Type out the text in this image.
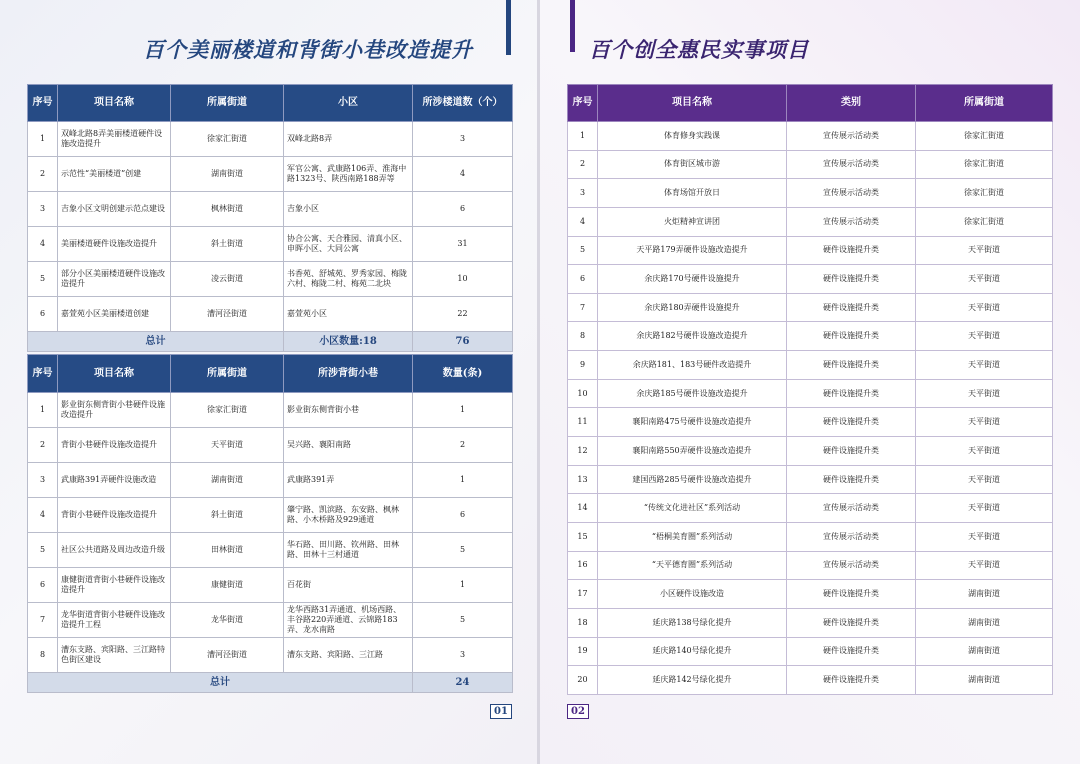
百个美丽楼道和背街小巷改造提升	百个创全惠民实事项目
序号	项目名称	所属街道	小区	所涉楼道数（个）
1	双峰北路8弄美丽楼道硬件设施改造提升	徐家汇街道	双峰北路8弄	3
2	示范性“美丽楼道”创建	湖南街道	军官公寓、武康路106弄、淮海中路1323号、陕西南路188弄等	4
3	吉象小区文明创建示范点建设	枫林街道	吉象小区	6
4	美丽楼道硬件设施改造提升	斜土街道	协合公寓、天合雅园、清真小区、申晖小区、大同公寓	31
5	部分小区美丽楼道硬件设施改造提升	凌云街道	书香苑、舒城苑、罗秀家园、梅陇六村、梅陇二村、梅苑二北块	10
6	嘉萱苑小区美丽楼道创建	漕河泾街道	嘉萱苑小区	22
总计			小区数量:18	76
序号	项目名称	所属街道	所涉背街小巷	数量(条)
1	影业街东侧背街小巷硬件设施改造提升	徐家汇街道	影业街东侧背街小巷	1
2	背街小巷硬件设施改造提升	天平街道	吴兴路、襄阳南路	2
3	武康路391弄硬件设施改造	湖南街道	武康路391弄	1
4	背街小巷硬件设施改造提升	斜土街道	肇宁路、凯滨路、东安路、枫林路、小木桥路及929通道	6
5	社区公共道路及周边改造升级	田林街道	华石路、田川路、钦州路、田林路、田林十三村通道	5
6	康健街道背街小巷硬件设施改造提升	康健街道	百花街	1
7	龙华街道背街小巷硬件设施改造提升工程	龙华街道	龙华西路31弄通道、机场西路、丰谷路220弄通道、云锦路183弄、龙水南路	5
8	漕东支路、宾阳路、三江路特色街区建设	漕河泾街道	漕东支路、宾阳路、三江路	3
总计				24
序号	项目名称	类别	所属街道
1	体育修身实践课	宣传展示活动类	徐家汇街道
2	体育街区城市游	宣传展示活动类	徐家汇街道
3	体育场馆开放日	宣传展示活动类	徐家汇街道
4	火炬精神宣讲团	宣传展示活动类	徐家汇街道
5	天平路179弄硬件设施改造提升	硬件设施提升类	天平街道
6	余庆路170号硬件设施提升	硬件设施提升类	天平街道
7	余庆路180弄硬件设施提升	硬件设施提升类	天平街道
8	余庆路182号硬件设施改造提升	硬件设施提升类	天平街道
9	余庆路181、183号硬件改造提升	硬件设施提升类	天平街道
10	余庆路185号硬件设施改造提升	硬件设施提升类	天平街道
11	襄阳南路475号硬件设施改造提升	硬件设施提升类	天平街道
12	襄阳南路550弄硬件设施改造提升	硬件设施提升类	天平街道
13	建国西路285号硬件设施改造提升	硬件设施提升类	天平街道
14	“传统文化进社区”系列活动	宣传展示活动类	天平街道
15	“梧桐美育圈”系列活动	宣传展示活动类	天平街道
16	“天平德育圈”系列活动	宣传展示活动类	天平街道
17	小区硬件设施改造	硬件设施提升类	湖南街道
18	延庆路138号绿化提升	硬件设施提升类	湖南街道
19	延庆路140号绿化提升	硬件设施提升类	湖南街道
20	延庆路142号绿化提升	硬件设施提升类	湖南街道
01	02
